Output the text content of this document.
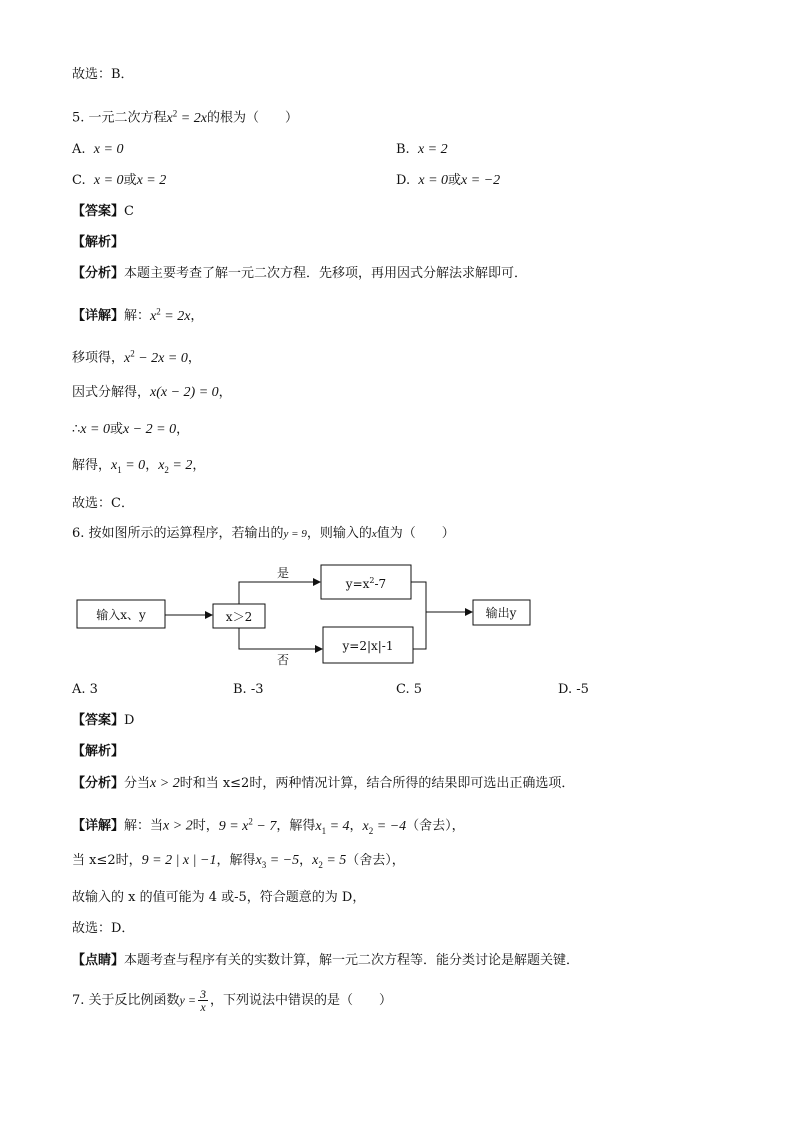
故选：B．
5. 一元二次方程$x^2 = 2x$的根为（　　）
A. x = 0	B. x = 2
C. x = 0或x = 2	D. x = 0或x = −2
【答案】C
【解析】
【分析】本题主要考查了解一元二次方程．先移项，再用因式分解法求解即可．
【详解】解：$x^2 = 2x$，
移项得，$x^2 - 2x = 0$，
因式分解得，x(x − 2) = 0，
∴x = 0或x − 2 = 0，
解得，$x_1 = 0$，$x_2 = 2$，
故选：C．
6. 按如图所示的运算程序，若输出的y = 9，则输入的x值为（　　）
输入x、y	x＞2
是
否
$y=x^2-7$
y=2|x|-1
输出y
A. 3	B. -3	C. 5	D. -5
【答案】D
【解析】
【分析】分当x > 2时和当 x≤2时，两种情况计算，结合所得的结果即可选出正确选项．
【详解】解：当x > 2时，$9 = x^2 - 7$，解得$x_1 = 4$，$x_2 = -4$（舍去），
当 x≤2时，9 = 2 | x | −1，解得$x_3 = -5$，$x_2 = 5$（舍去），
故输入的 x 的值可能为 4 或-5，符合题意的为 D，
故选：D．
【点睛】本题考查与程序有关的实数计算，解一元二次方程等．能分类讨论是解题关键．
7. 关于反比例函数$y = \frac{3}{x}$ ，下列说法中错误的是（　　）
